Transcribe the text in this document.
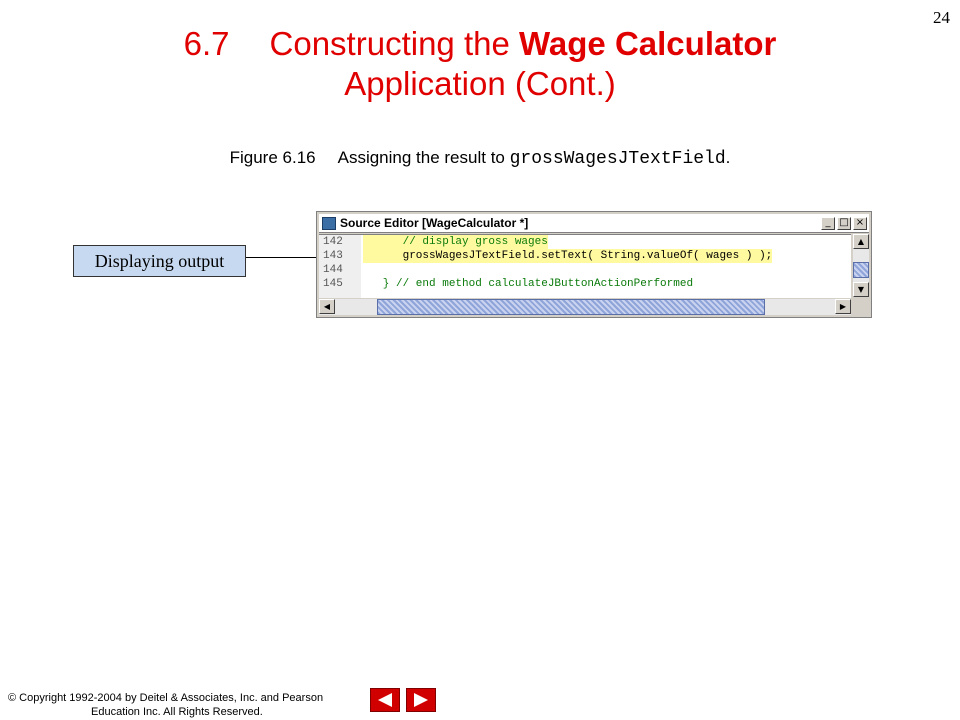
24
6.7 Constructing the Wage Calculator
Application (Cont.)
Figure 6.16 Assigning the result to grossWagesJTextField.
Displaying output
Source Editor [WageCalculator *]	_ □ ×
142	// display gross wages
143	grossWagesJTextField.setText( String.valueOf( wages ) );
144
145	} // end method calculateJButtonActionPerformed
▲
▼
◀	▶
© Copyright 1992-2004 by Deitel & Associates, Inc. and Pearson
Education Inc. All Rights Reserved.
